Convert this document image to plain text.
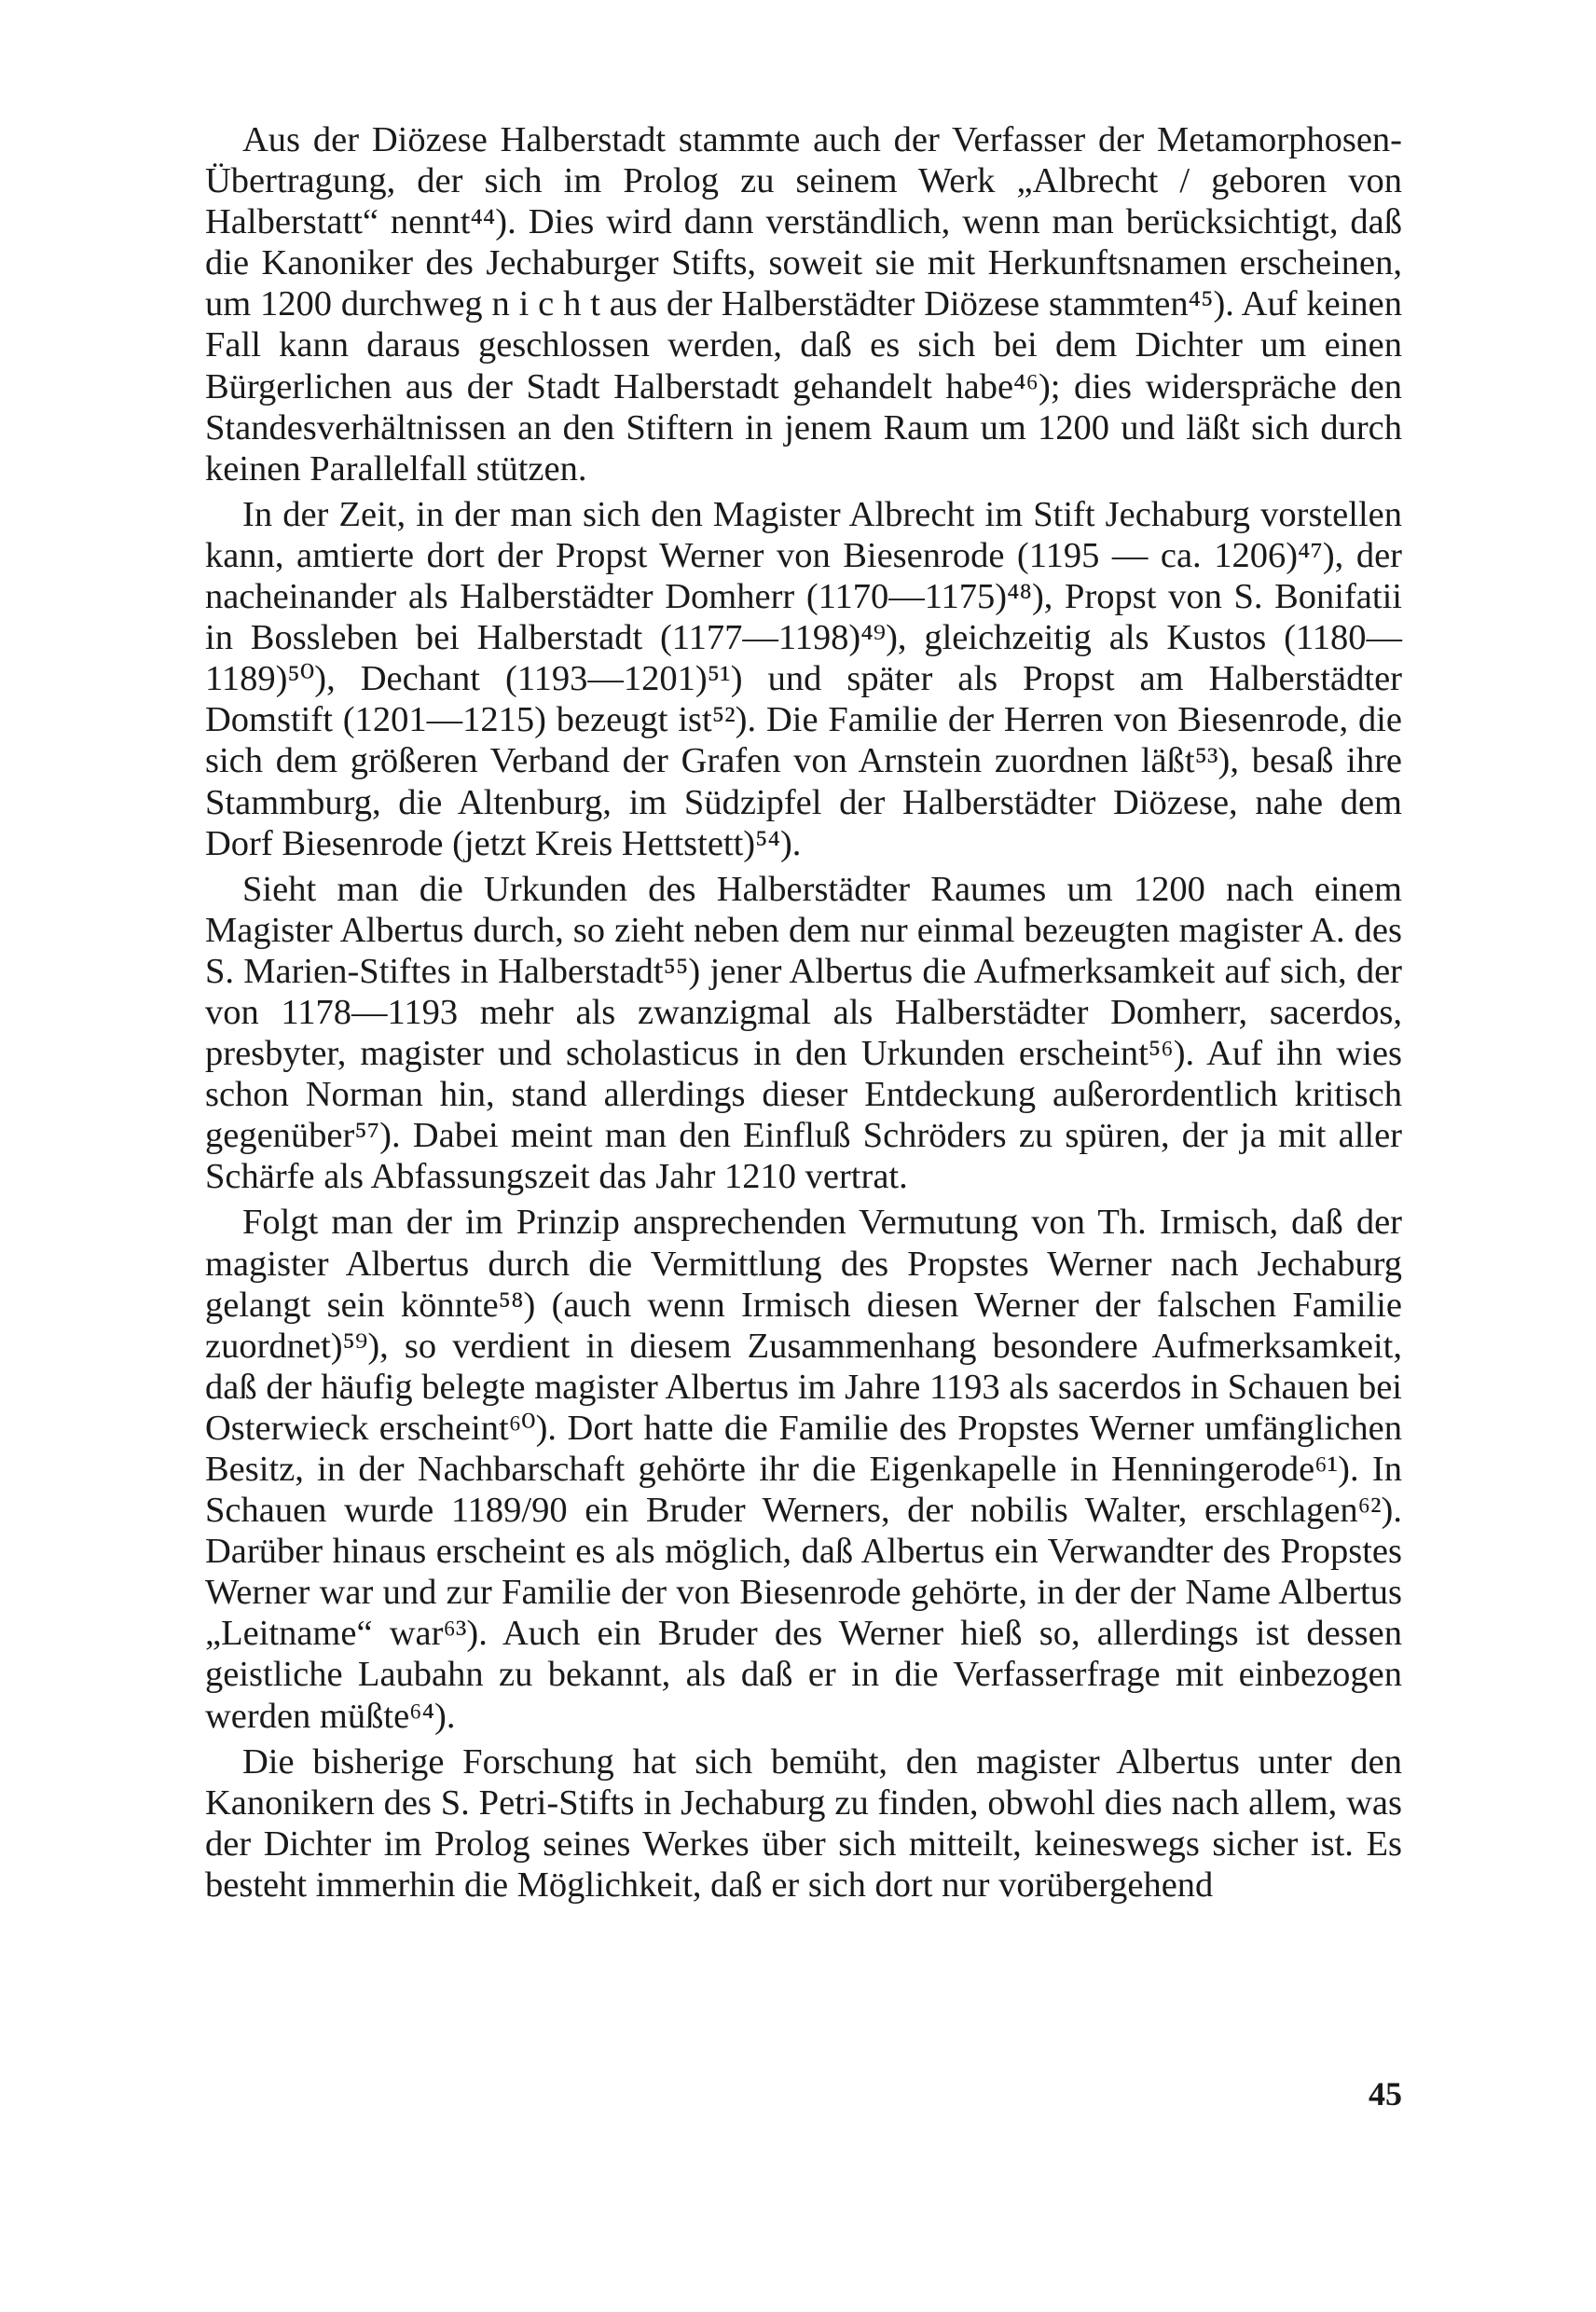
Aus der Diözese Halberstadt stammte auch der Verfasser der Metamorphosen-Übertragung, der sich im Prolog zu seinem Werk „Albrecht / geboren von Halberstatt“ nennt⁴⁴). Dies wird dann verständlich, wenn man berücksichtigt, daß die Kanoniker des Jechaburger Stifts, soweit sie mit Herkunftsnamen erscheinen, um 1200 durchweg n i c h t aus der Halberstädter Diözese stammten⁴⁵). Auf keinen Fall kann daraus geschlossen werden, daß es sich bei dem Dichter um einen Bürgerlichen aus der Stadt Halberstadt gehandelt habe⁴⁶); dies widerspräche den Standesverhältnissen an den Stiftern in jenem Raum um 1200 und läßt sich durch keinen Parallelfall stützen.

In der Zeit, in der man sich den Magister Albrecht im Stift Jechaburg vorstellen kann, amtierte dort der Propst Werner von Biesenrode (1195 — ca. 1206)⁴⁷), der nacheinander als Halberstädter Domherr (1170—1175)⁴⁸), Propst von S. Bonifatii in Bossleben bei Halberstadt (1177—1198)⁴⁹), gleichzeitig als Kustos (1180—1189)⁵⁰), Dechant (1193—1201)⁵¹) und später als Propst am Halberstädter Domstift (1201—1215) bezeugt ist⁵²). Die Familie der Herren von Biesenrode, die sich dem größeren Verband der Grafen von Arnstein zuordnen läßt⁵³), besaß ihre Stammburg, die Altenburg, im Südzipfel der Halberstädter Diözese, nahe dem Dorf Biesenrode (jetzt Kreis Hettstett)⁵⁴).

Sieht man die Urkunden des Halberstädter Raumes um 1200 nach einem Magister Albertus durch, so zieht neben dem nur einmal bezeugten magister A. des S. Marien-Stiftes in Halberstadt⁵⁵) jener Albertus die Aufmerksamkeit auf sich, der von 1178—1193 mehr als zwanzigmal als Halberstädter Domherr, sacerdos, presbyter, magister und scholasticus in den Urkunden erscheint⁵⁶). Auf ihn wies schon Norman hin, stand allerdings dieser Entdeckung außerordentlich kritisch gegenüber⁵⁷). Dabei meint man den Einfluß Schröders zu spüren, der ja mit aller Schärfe als Abfassungszeit das Jahr 1210 vertrat.

Folgt man der im Prinzip ansprechenden Vermutung von Th. Irmisch, daß der magister Albertus durch die Vermittlung des Propstes Werner nach Jechaburg gelangt sein könnte⁵⁸) (auch wenn Irmisch diesen Werner der falschen Familie zuordnet)⁵⁹), so verdient in diesem Zusammenhang besondere Aufmerksamkeit, daß der häufig belegte magister Albertus im Jahre 1193 als sacerdos in Schauen bei Osterwieck erscheint⁶⁰). Dort hatte die Familie des Propstes Werner umfänglichen Besitz, in der Nachbarschaft gehörte ihr die Eigenkapelle in Henningerode⁶¹). In Schauen wurde 1189/90 ein Bruder Werners, der nobilis Walter, erschlagen⁶²). Darüber hinaus erscheint es als möglich, daß Albertus ein Verwandter des Propstes Werner war und zur Familie der von Biesenrode gehörte, in der der Name Albertus „Leitname“ war⁶³). Auch ein Bruder des Werner hieß so, allerdings ist dessen geistliche Laubahn zu bekannt, als daß er in die Verfasserfrage mit einbezogen werden müßte⁶⁴).

Die bisherige Forschung hat sich bemüht, den magister Albertus unter den Kanonikern des S. Petri-Stifts in Jechaburg zu finden, obwohl dies nach allem, was der Dichter im Prolog seines Werkes über sich mitteilt, keineswegs sicher ist. Es besteht immerhin die Möglichkeit, daß er sich dort nur vorübergehend

45
